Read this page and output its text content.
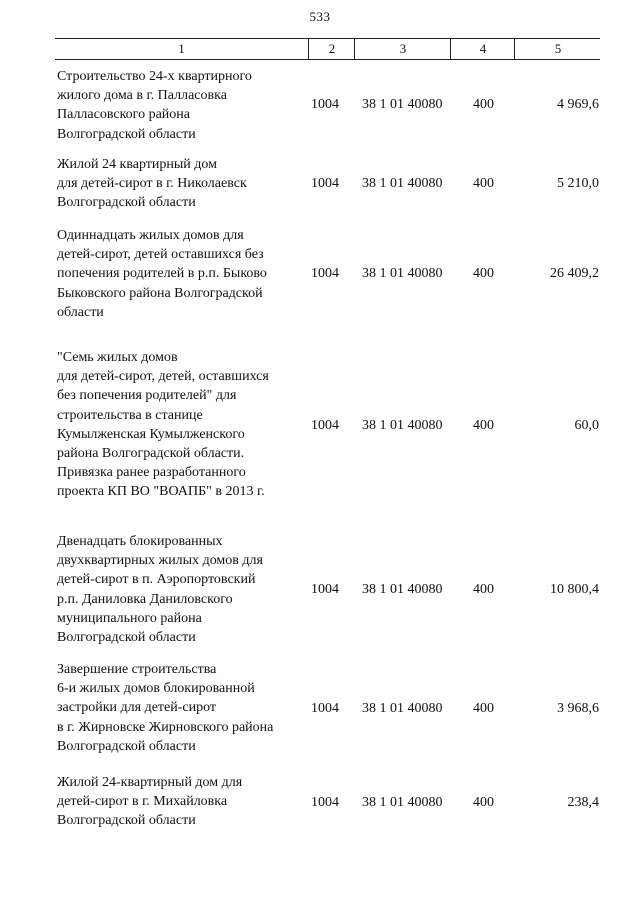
533
1	2	3	4	5
Строительство 24-х квартирного
жилого дома в г. Палласовка
Палласовского района
Волгоградской области
1004	38 1 01 40080	400	4 969,6
Жилой 24 квартирный дом
для детей-сирот в г. Николаевск
Волгоградской области
1004	38 1 01 40080	400	5 210,0
Одиннадцать жилых домов для
детей-сирот, детей оставшихся без
попечения родителей в р.п. Быково
Быковского района Волгоградской
области
1004	38 1 01 40080	400	26 409,2
"Семь жилых домов
для детей-сирот, детей, оставшихся
без попечения родителей" для
строительства в станице
Кумылженская Кумылженского
района Волгоградской области.
Привязка ранее разработанного
проекта КП ВО "ВОАПБ" в 2013 г.
1004	38 1 01 40080	400	60,0
Двенадцать блокированных
двухквартирных жилых домов для
детей-сирот в п. Аэропортовский
р.п. Даниловка Даниловского
муниципального района
Волгоградской области
1004	38 1 01 40080	400	10 800,4
Завершение строительства
6-и жилых домов блокированной
застройки для детей-сирот
в г. Жирновске Жирновского района
Волгоградской области
1004	38 1 01 40080	400	3 968,6
Жилой 24-квартирный дом для
детей-сирот в г. Михайловка
Волгоградской области
1004	38 1 01 40080	400	238,4
